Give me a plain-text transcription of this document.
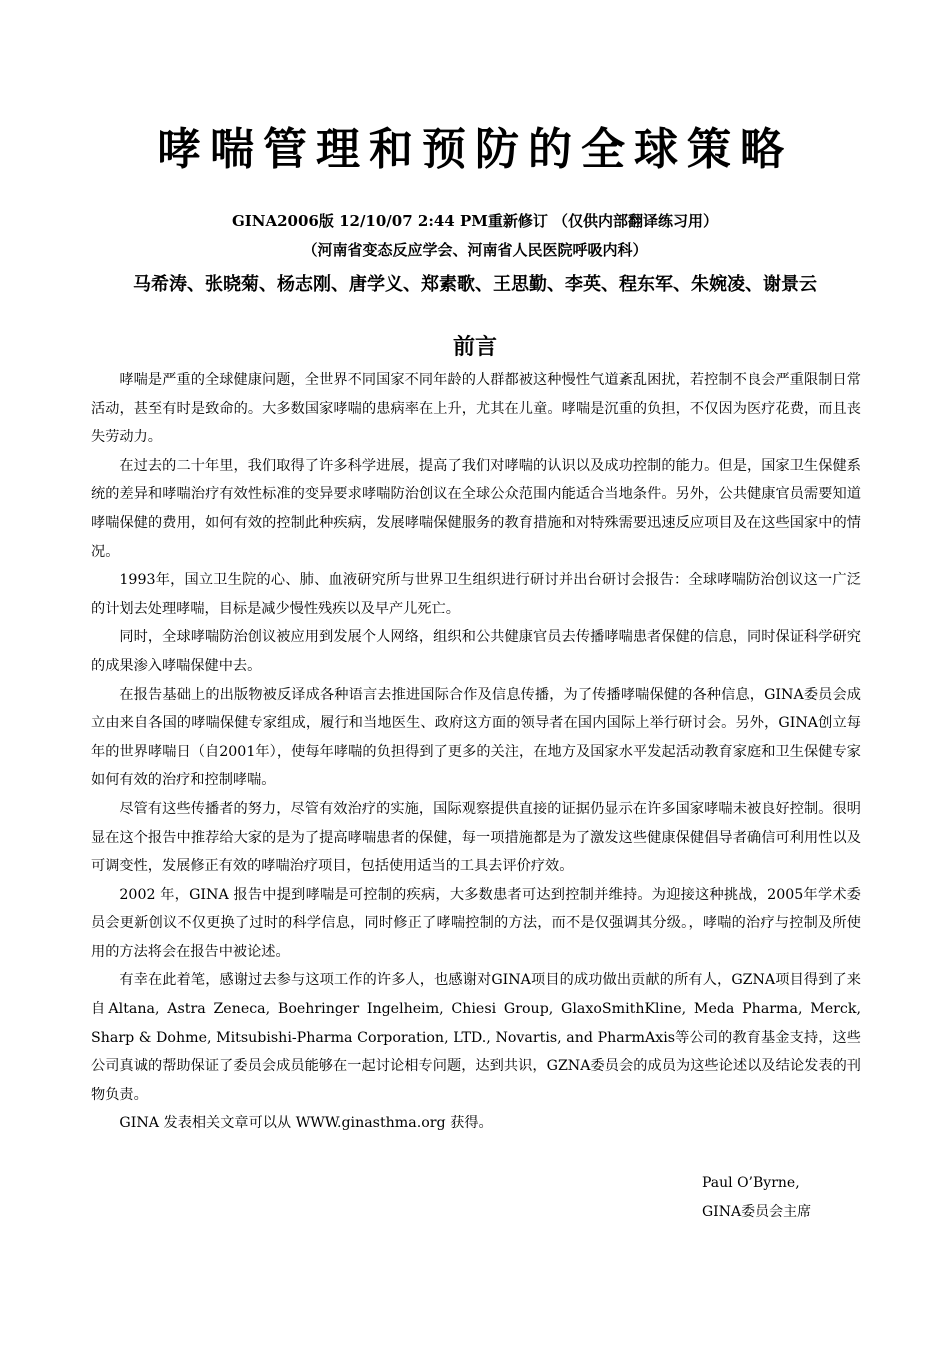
哮喘管理和预防的全球策略
GINA2006版 12/10/07 2:44 PM重新修订 （仅供内部翻译练习用）
（河南省变态反应学会、河南省人民医院呼吸内科）
马希涛、张晓菊、杨志刚、唐学义、郑素歌、王思勤、李英、程东军、朱婉凌、谢景云
前言

哮喘是严重的全球健康问题，全世界不同国家不同年龄的人群都被这种慢性气道紊乱困扰，若控制不良会严重限制日常活动，甚至有时是致命的。大多数国家哮喘的患病率在上升，尤其在儿童。哮喘是沉重的负担，不仅因为医疗花费，而且丧失劳动力。

在过去的二十年里，我们取得了许多科学进展，提高了我们对哮喘的认识以及成功控制的能力。但是，国家卫生保健系统的差异和哮喘治疗有效性标准的变异要求哮喘防治创议在全球公众范围内能适合当地条件。另外，公共健康官员需要知道哮喘保健的费用，如何有效的控制此种疾病，发展哮喘保健服务的教育措施和对特殊需要迅速反应项目及在这些国家中的情况。

1993年，国立卫生院的心、肺、血液研究所与世界卫生组织进行研讨并出台研讨会报告：全球哮喘防治创议这一广泛的计划去处理哮喘，目标是减少慢性残疾以及早产儿死亡。

同时，全球哮喘防治创议被应用到发展个人网络，组织和公共健康官员去传播哮喘患者保健的信息，同时保证科学研究的成果渗入哮喘保健中去。

在报告基础上的出版物被反译成各种语言去推进国际合作及信息传播，为了传播哮喘保健的各种信息，GINA委员会成立由来自各国的哮喘保健专家组成，履行和当地医生、政府这方面的领导者在国内国际上举行研讨会。另外，GINA创立每年的世界哮喘日（自2001年），使每年哮喘的负担得到了更多的关注，在地方及国家水平发起活动教育家庭和卫生保健专家如何有效的治疗和控制哮喘。

尽管有这些传播者的努力，尽管有效治疗的实施，国际观察提供直接的证据仍显示在许多国家哮喘未被良好控制。很明显在这个报告中推荐给大家的是为了提高哮喘患者的保健，每一项措施都是为了激发这些健康保健倡导者确信可利用性以及可调变性，发展修正有效的哮喘治疗项目，包括使用适当的工具去评价疗效。

2002 年，GINA 报告中提到哮喘是可控制的疾病，大多数患者可达到控制并维持。为迎接这种挑战，2005年学术委员会更新创议不仅更换了过时的科学信息，同时修正了哮喘控制的方法，而不是仅强调其分级。，哮喘的治疗与控制及所使用的方法将会在报告中被论述。

有幸在此着笔，感谢过去参与这项工作的许多人，也感谢对GINA项目的成功做出贡献的所有人，GZNA项目得到了来自Altana, Astra Zeneca, Boehringer Ingelheim, Chiesi Group, GlaxoSmithKline, Meda Pharma, Merck, Sharp & Dohme, Mitsubishi-Pharma Corporation, LTD., Novartis, and PharmAxis等公司的教育基金支持，这些公司真诚的帮助保证了委员会成员能够在一起讨论相专问题，达到共识，GZNA委员会的成员为这些论述以及结论发表的刊物负责。

GINA 发表相关文章可以从 WWW.ginasthma.org 获得。

Paul O’Byrne,
GINA委员会主席
